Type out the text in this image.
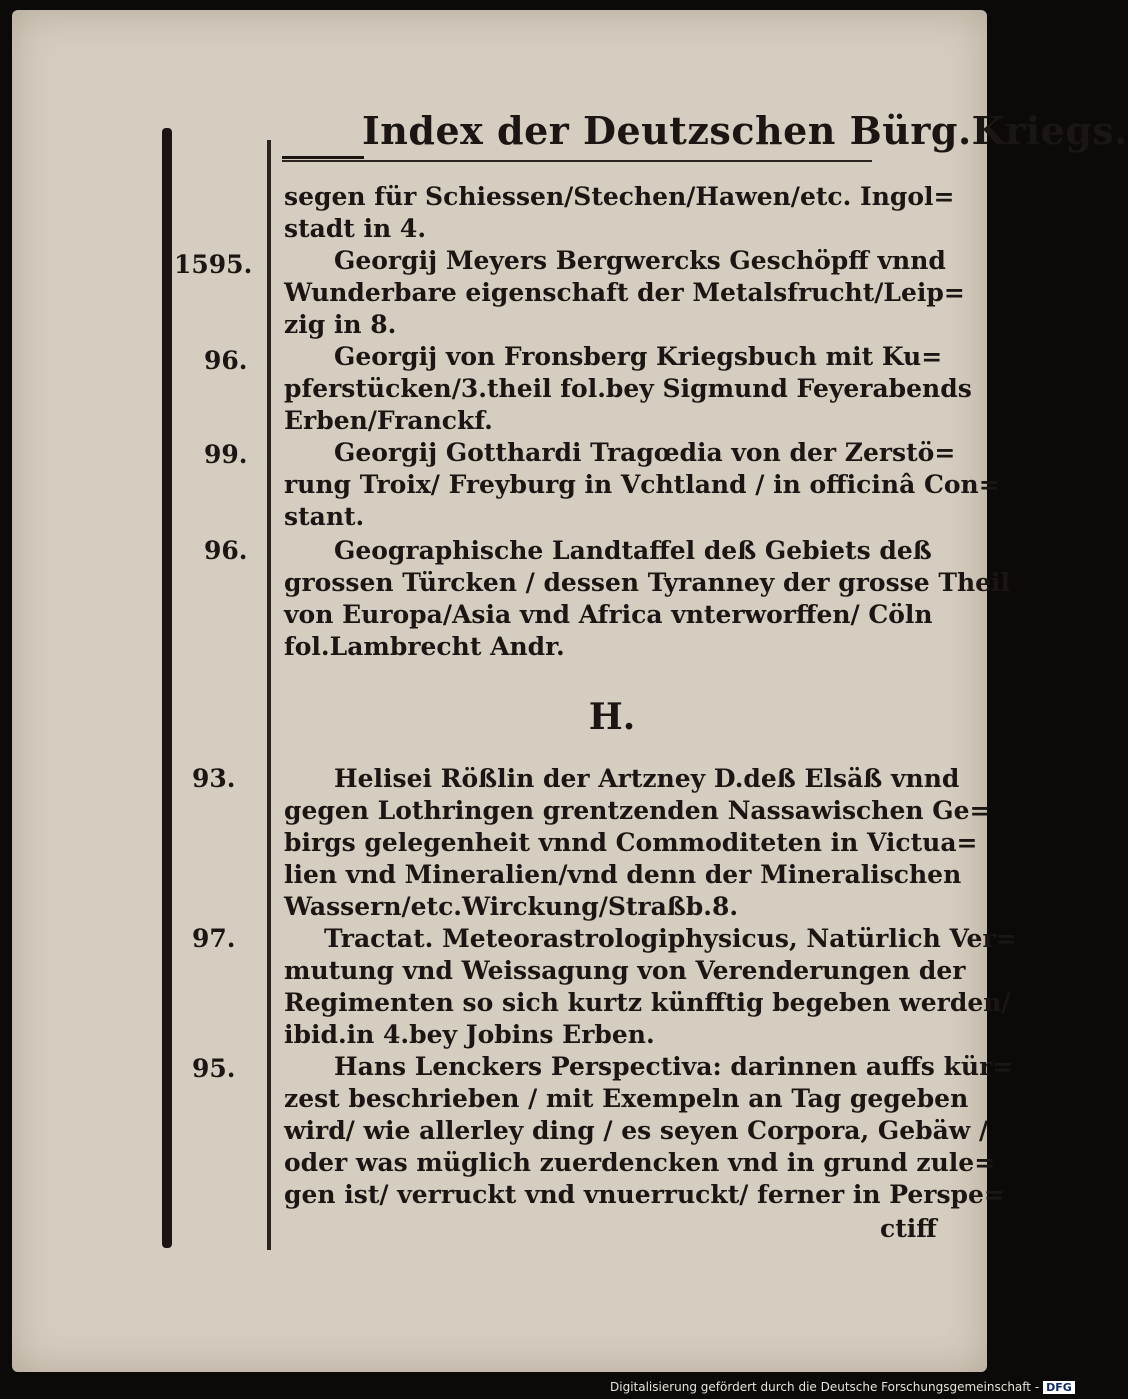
Index der Deutzschen Bürg.Kriegs.
segen für Schiessen/Stechen/Hawen/etc. Ingol=
stadt in 4.
1595.	Georgij Meyers Bergwercks Geschöpff vnnd
Wunderbare eigenschaft der Metalsfrucht/Leip=
zig in 8.
96.	Georgij von Fronsberg Kriegsbuch mit Ku=
pferstücken/3.theil fol.bey Sigmund Feyerabends
Erben/Franckf.
99.	Georgij Gotthardi Tragœdia von der Zerstö=
rung Troix/ Freyburg in Vchtland / in officinâ Con=
stant.
96.	Geographische Landtaffel deß Gebiets deß
grossen Türcken / dessen Tyranney der grosse Theil
von Europa/Asia vnd Africa vnterworffen/ Cöln
fol.Lambrecht Andr.
H.
93.	Helisei Rößlin der Artzney D.deß Elsäß vnnd
gegen Lothringen grentzenden Nassawischen Ge=
birgs gelegenheit vnnd Commoditeten in Victua=
lien vnd Mineralien/vnd denn der Mineralischen
Wassern/etc.Wirckung/Straßb.8.
97.	Tractat. Meteorastrologiphysicus, Natürlich Ver=
mutung vnd Weissagung von Verenderungen der
Regimenten so sich kurtz künfftig begeben werden/
ibid.in 4.bey Jobins Erben.
95.	Hans Lenckers Perspectiva: darinnen auffs kür=
zest beschrieben / mit Exempeln an Tag gegeben
wird/ wie allerley ding / es seyen Corpora, Gebäw /
oder was müglich zuerdencken vnd in grund zule=
gen ist/ verruckt vnd vnuerruckt/ ferner in Perspe=
ctiff
Digitalisierung gefördert durch die Deutsche Forschungsgemeinschaft - DFG
